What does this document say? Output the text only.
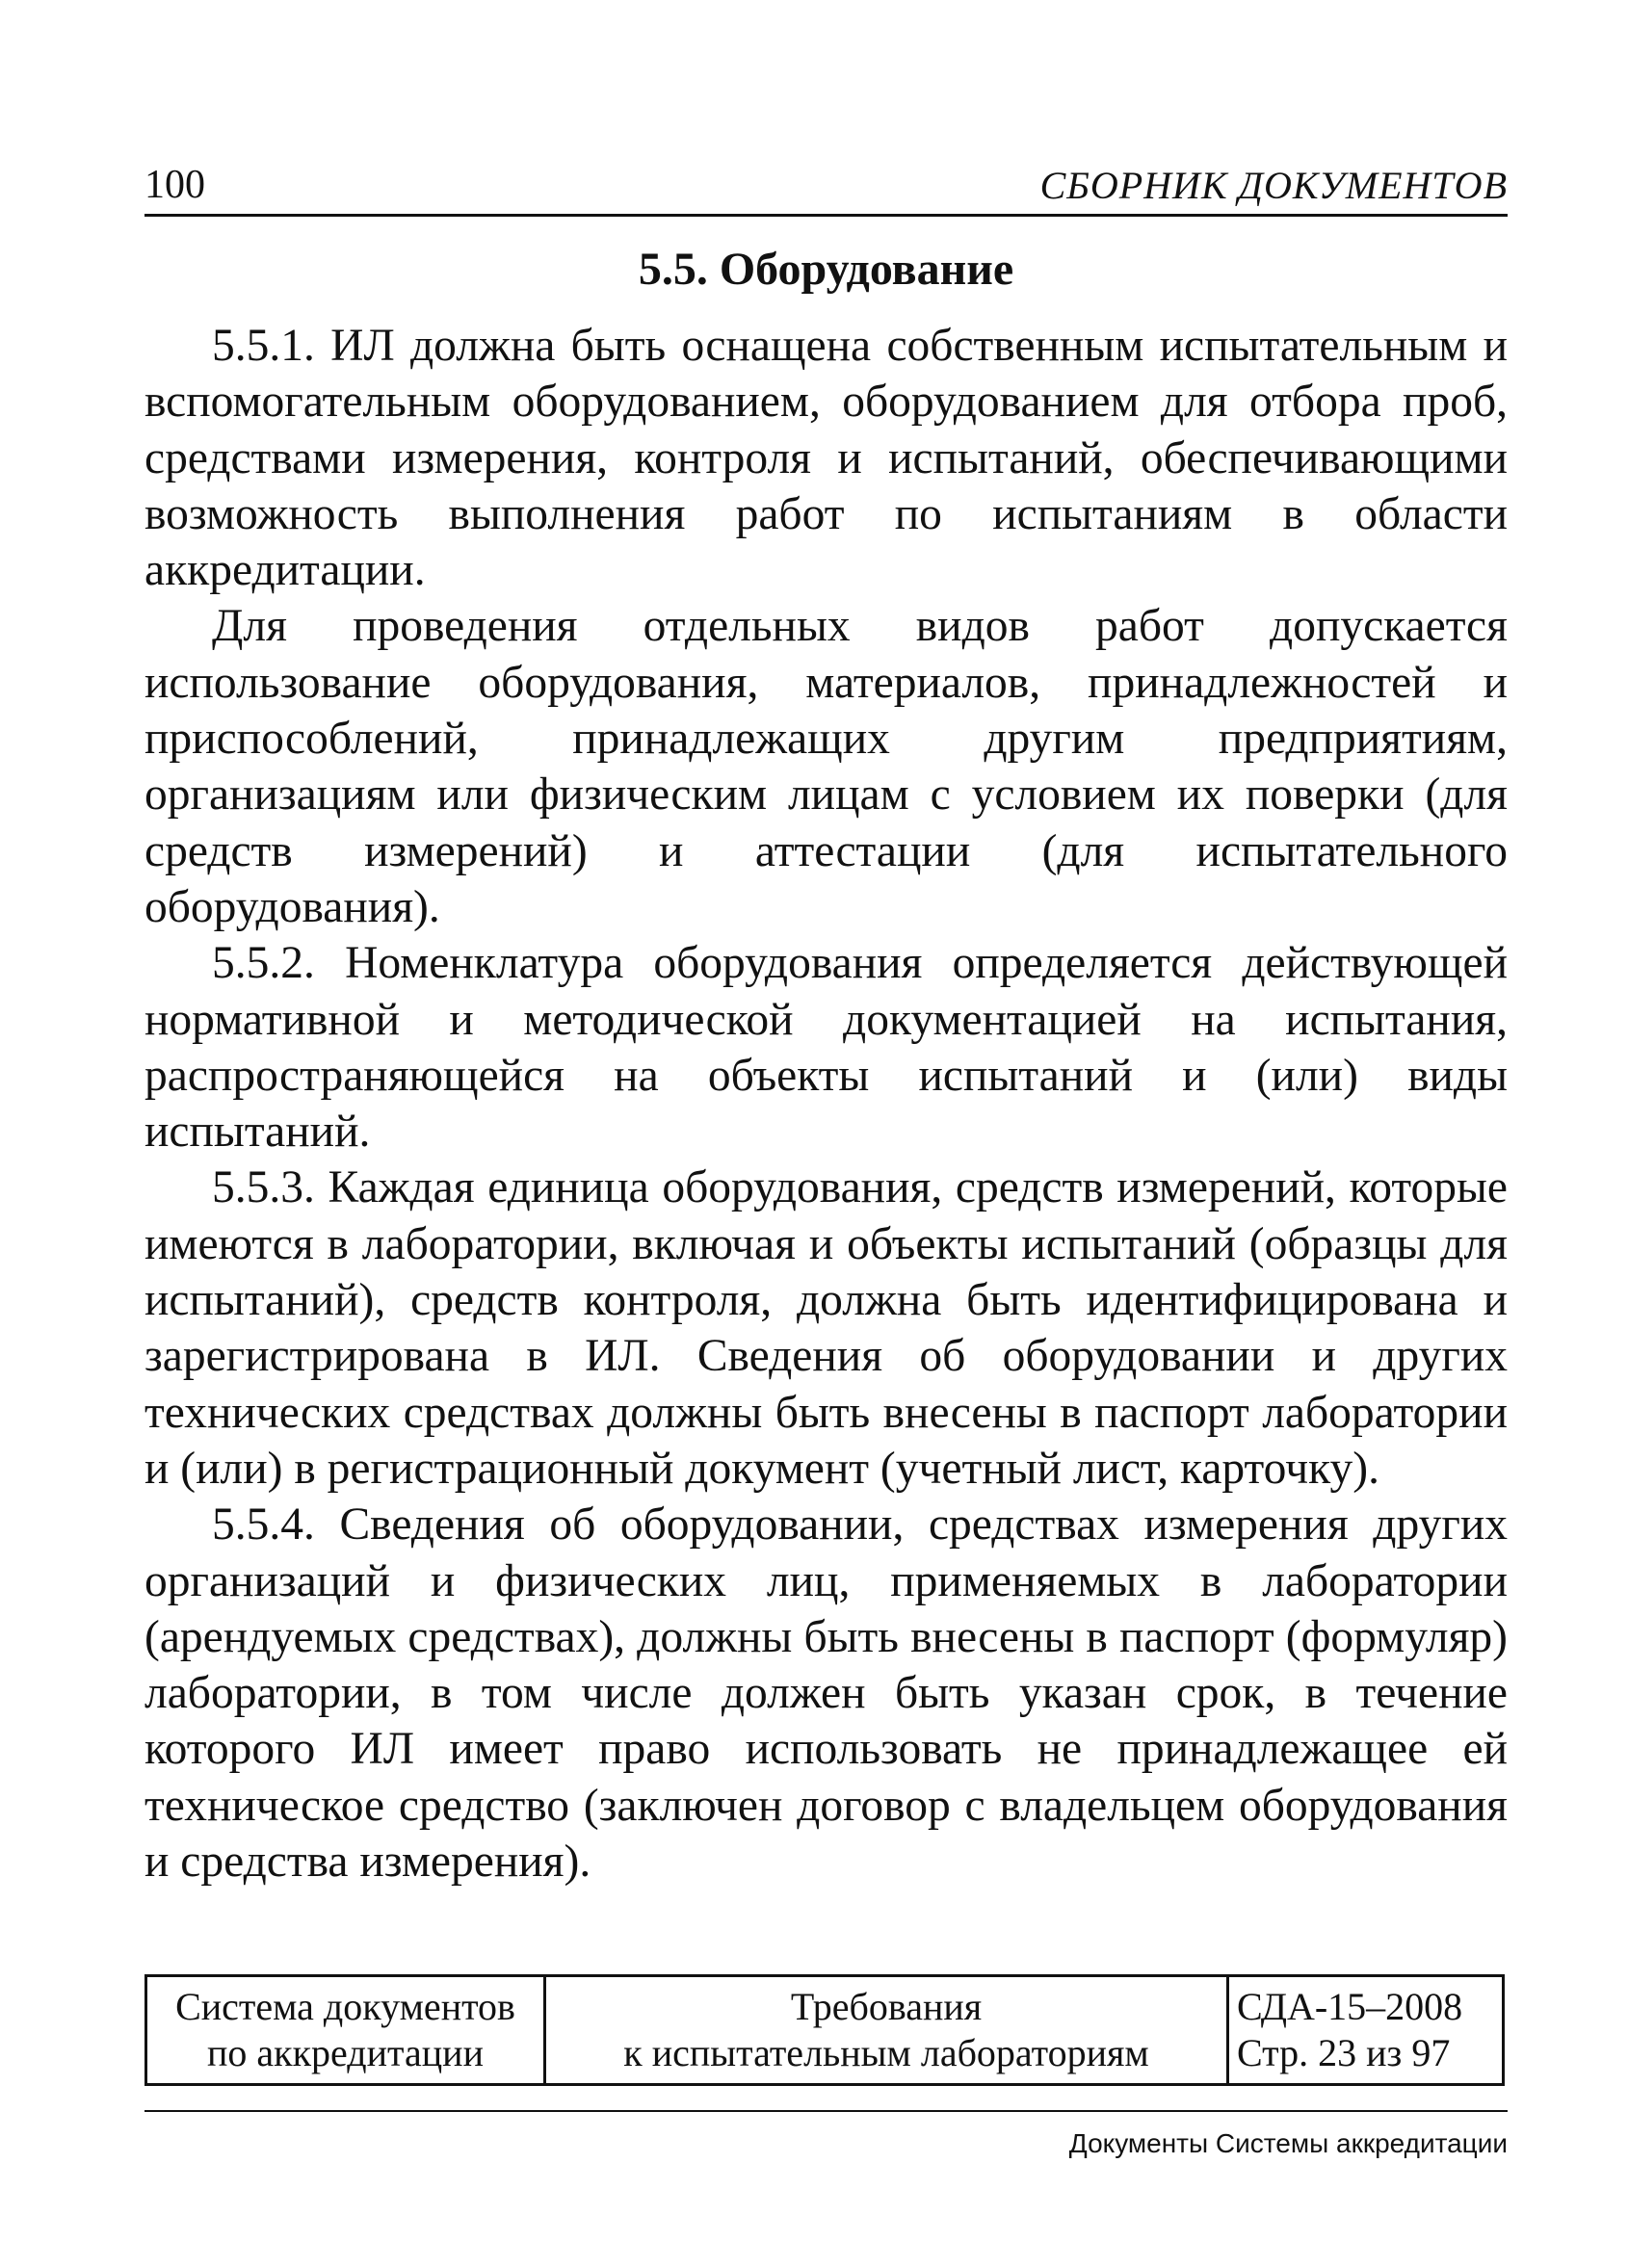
100	СБОРНИК ДОКУМЕНТОВ
5.5. Оборудование

5.5.1. ИЛ должна быть оснащена собственным испытательным и вспомогательным оборудованием, оборудованием для отбора проб, средствами измерения, контроля и испытаний, обеспечивающими возможность выполнения работ по испытаниям в области аккредитации.

Для проведения отдельных видов работ допускается использование оборудования, материалов, принадлежностей и приспособлений, принадлежащих другим предприятиям, организациям или физическим лицам с условием их поверки (для средств измерений) и аттестации (для испытательного оборудования).

5.5.2. Номенклатура оборудования определяется действующей нормативной и методической документацией на испытания, распространяющейся на объекты испытаний и (или) виды испытаний.

5.5.3. Каждая единица оборудования, средств измерений, которые имеются в лаборатории, включая и объекты испытаний (образцы для испытаний), средств контроля, должна быть идентифицирована и зарегистрирована в ИЛ. Сведения об оборудовании и других технических средствах должны быть внесены в паспорт лаборатории и (или) в регистрационный документ (учетный лист, карточку).

5.5.4. Сведения об оборудовании, средствах измерения других организаций и физических лиц, применяемых в лаборатории (арендуемых средствах), должны быть внесены в паспорт (формуляр) лаборатории, в том числе должен быть указан срок, в течение которого ИЛ имеет право использовать не принадлежащее ей техническое средство (заключен договор с владельцем оборудования и средства измерения).

Система документов
по аккредитации

Требования
к испытательным лабораториям

СДА-15–2008
Стр. 23 из 97
Документы Системы аккредитации
